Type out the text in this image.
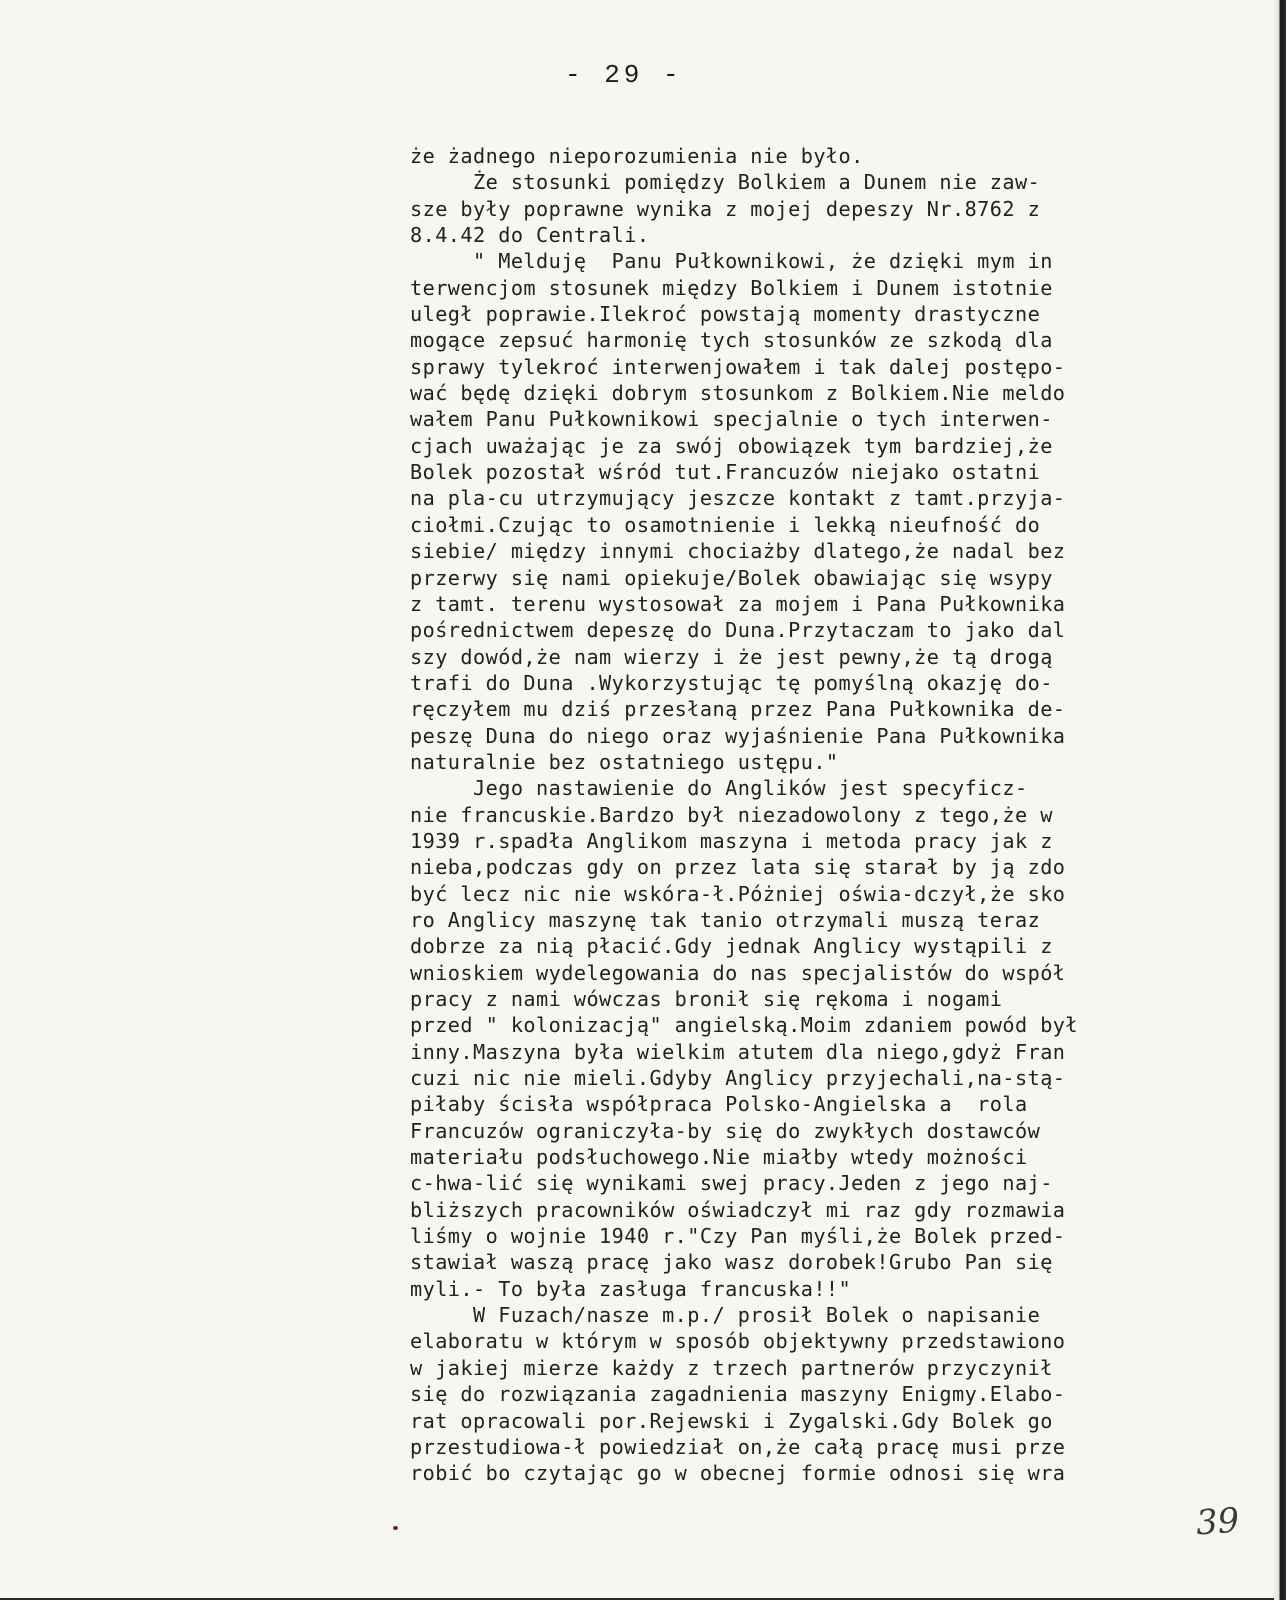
- 29 -
że żadnego nieporozumienia nie było.
Że stosunki pomiędzy Bolkiem a Dunem nie zaw-
sze były poprawne wynika z mojej depeszy Nr.8762 z
8.4.42 do Centrali.
" Melduję  Panu Pułkownikowi, że dzięki mym in
terwencjom stosunek między Bolkiem i Dunem istotnie
uległ poprawie.Ilekroć powstają momenty drastyczne
mogące zepsuć harmonię tych stosunków ze szkodą dla
sprawy tylekroć interwenjowałem i tak dalej postępo-
wać będę dzięki dobrym stosunkom z Bolkiem.Nie meldo
wałem Panu Pułkownikowi specjalnie o tych interwen-
cjach uważając je za swój obowiązek tym bardziej,że
Bolek pozostał wśród tut.Francuzów niejako ostatni
na pla-cu utrzymujący jeszcze kontakt z tamt.przyja-
ciołmi.Czując to osamotnienie i lekką nieufność do
siebie/ między innymi chociażby dlatego,że nadal bez
przerwy się nami opiekuje/Bolek obawiając się wsypy
z tamt. terenu wystosował za mojem i Pana Pułkownika
pośrednictwem depeszę do Duna.Przytaczam to jako dal
szy dowód,że nam wierzy i że jest pewny,że tą drogą
trafi do Duna .Wykorzystując tę pomyślną okazję do-
ręczyłem mu dziś przesłaną przez Pana Pułkownika de-
peszę Duna do niego oraz wyjaśnienie Pana Pułkownika
naturalnie bez ostatniego ustępu."
Jego nastawienie do Anglików jest specyficz-
nie francuskie.Bardzo był niezadowolony z tego,że w
1939 r.spadła Anglikom maszyna i metoda pracy jak z
nieba,podczas gdy on przez lata się starał by ją zdo
być lecz nic nie wskóra-ł.Póżniej oświa-dczył,że sko
ro Anglicy maszynę tak tanio otrzymali muszą teraz
dobrze za nią płacić.Gdy jednak Anglicy wystąpili z
wnioskiem wydelegowania do nas specjalistów do współ
pracy z nami wówczas bronił się rękoma i nogami
przed " kolonizacją" angielską.Moim zdaniem powód był
inny.Maszyna była wielkim atutem dla niego,gdyż Fran
cuzi nic nie mieli.Gdyby Anglicy przyjechali,na-stą-
piłaby ścisła współpraca Polsko-Angielska a  rola
Francuzów ograniczyła-by się do zwykłych dostawców
materiału podsłuchowego.Nie miałby wtedy możności
c-hwa-lić się wynikami swej pracy.Jeden z jego naj-
bliższych pracowników oświadczył mi raz gdy rozmawia
liśmy o wojnie 1940 r."Czy Pan myśli,że Bolek przed-
stawiał waszą pracę jako wasz dorobek!Grubo Pan się
myli.- To była zasługa francuska!!"
W Fuzach/nasze m.p./ prosił Bolek o napisanie
elaboratu w którym w sposób objektywny przedstawiono
w jakiej mierze każdy z trzech partnerów przyczynił
się do rozwiązania zagadnienia maszyny Enigmy.Elabo-
rat opracowali por.Rejewski i Zygalski.Gdy Bolek go
przestudiowa-ł powiedział on,że całą pracę musi prze
robić bo czytając go w obecnej formie odnosi się wra
39
